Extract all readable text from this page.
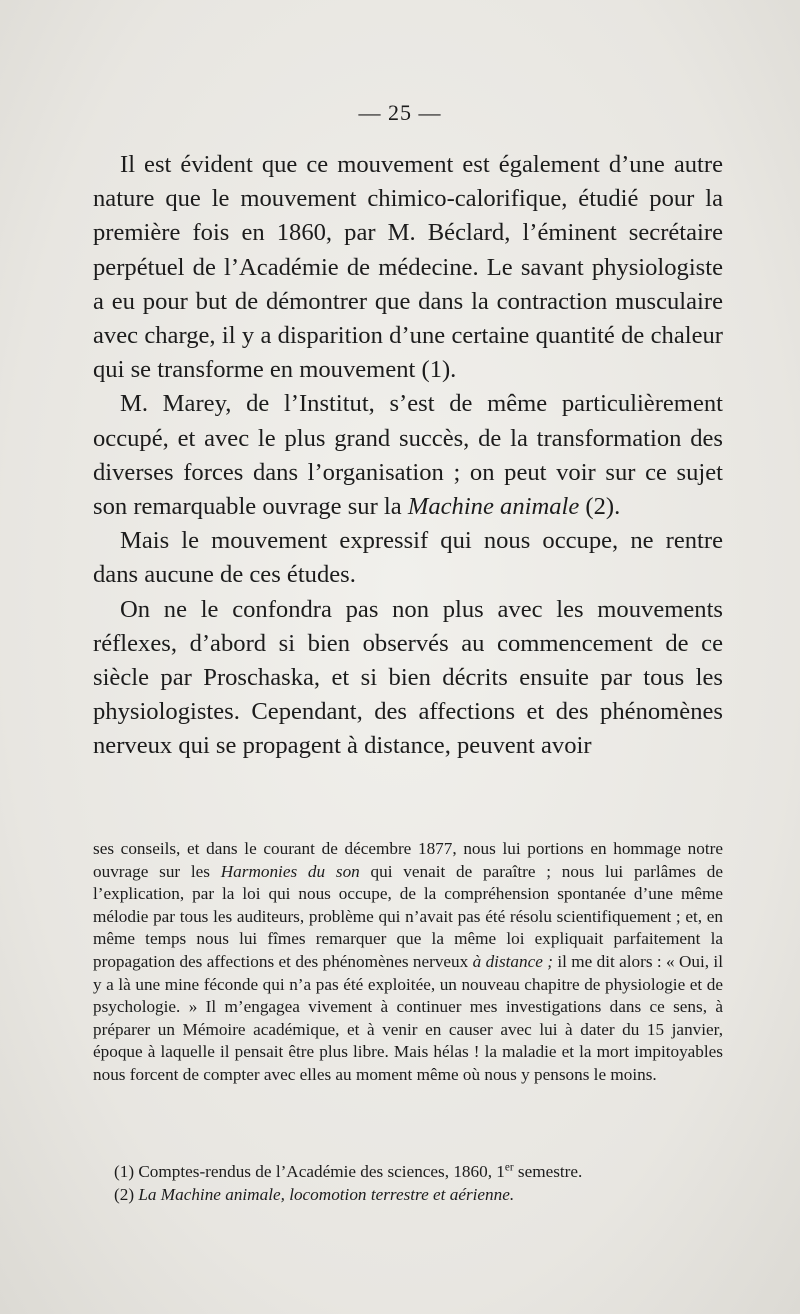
— 25 —

Il est évident que ce mouvement est également d’une autre nature que le mouvement chimico-calorifique, étudié pour la première fois en 1860, par M. Béclard, l’éminent secrétaire perpétuel de l’Académie de médecine. Le savant physiologiste a eu pour but de démontrer que dans la contraction musculaire avec charge, il y a disparition d’une certaine quantité de chaleur qui se transforme en mouvement (1).

M. Marey, de l’Institut, s’est de même particulièrement occupé, et avec le plus grand succès, de la transformation des diverses forces dans l’organisation ; on peut voir sur ce sujet son remarquable ouvrage sur la Machine animale (2).

Mais le mouvement expressif qui nous occupe, ne rentre dans aucune de ces études.

On ne le confondra pas non plus avec les mouvements réflexes, d’abord si bien observés au commencement de ce siècle par Proschaska, et si bien décrits ensuite par tous les physiologistes. Cependant, des affections et des phénomènes nerveux qui se propagent à distance, peuvent avoir

ses conseils, et dans le courant de décembre 1877, nous lui portions en hommage notre ouvrage sur les Harmonies du son qui venait de paraître ; nous lui parlâmes de l’explication, par la loi qui nous occupe, de la compréhension spontanée d’une même mélodie par tous les auditeurs, problème qui n’avait pas été résolu scientifiquement ; et, en même temps nous lui fîmes remarquer que la même loi expliquait parfaitement la propagation des affections et des phénomènes nerveux à distance ; il me dit alors : « Oui, il y a là une mine féconde qui n’a pas été exploitée, un nouveau chapitre de physiologie et de psychologie. » Il m’engagea vivement à continuer mes investigations dans ce sens, à préparer un Mémoire académique, et à venir en causer avec lui à dater du 15 janvier, époque à laquelle il pensait être plus libre. Mais hélas ! la maladie et la mort impitoyables nous forcent de compter avec elles au moment même où nous y pensons le moins.

(1) Comptes-rendus de l’Académie des sciences, 1860, 1er semestre.

(2) La Machine animale, locomotion terrestre et aérienne.
